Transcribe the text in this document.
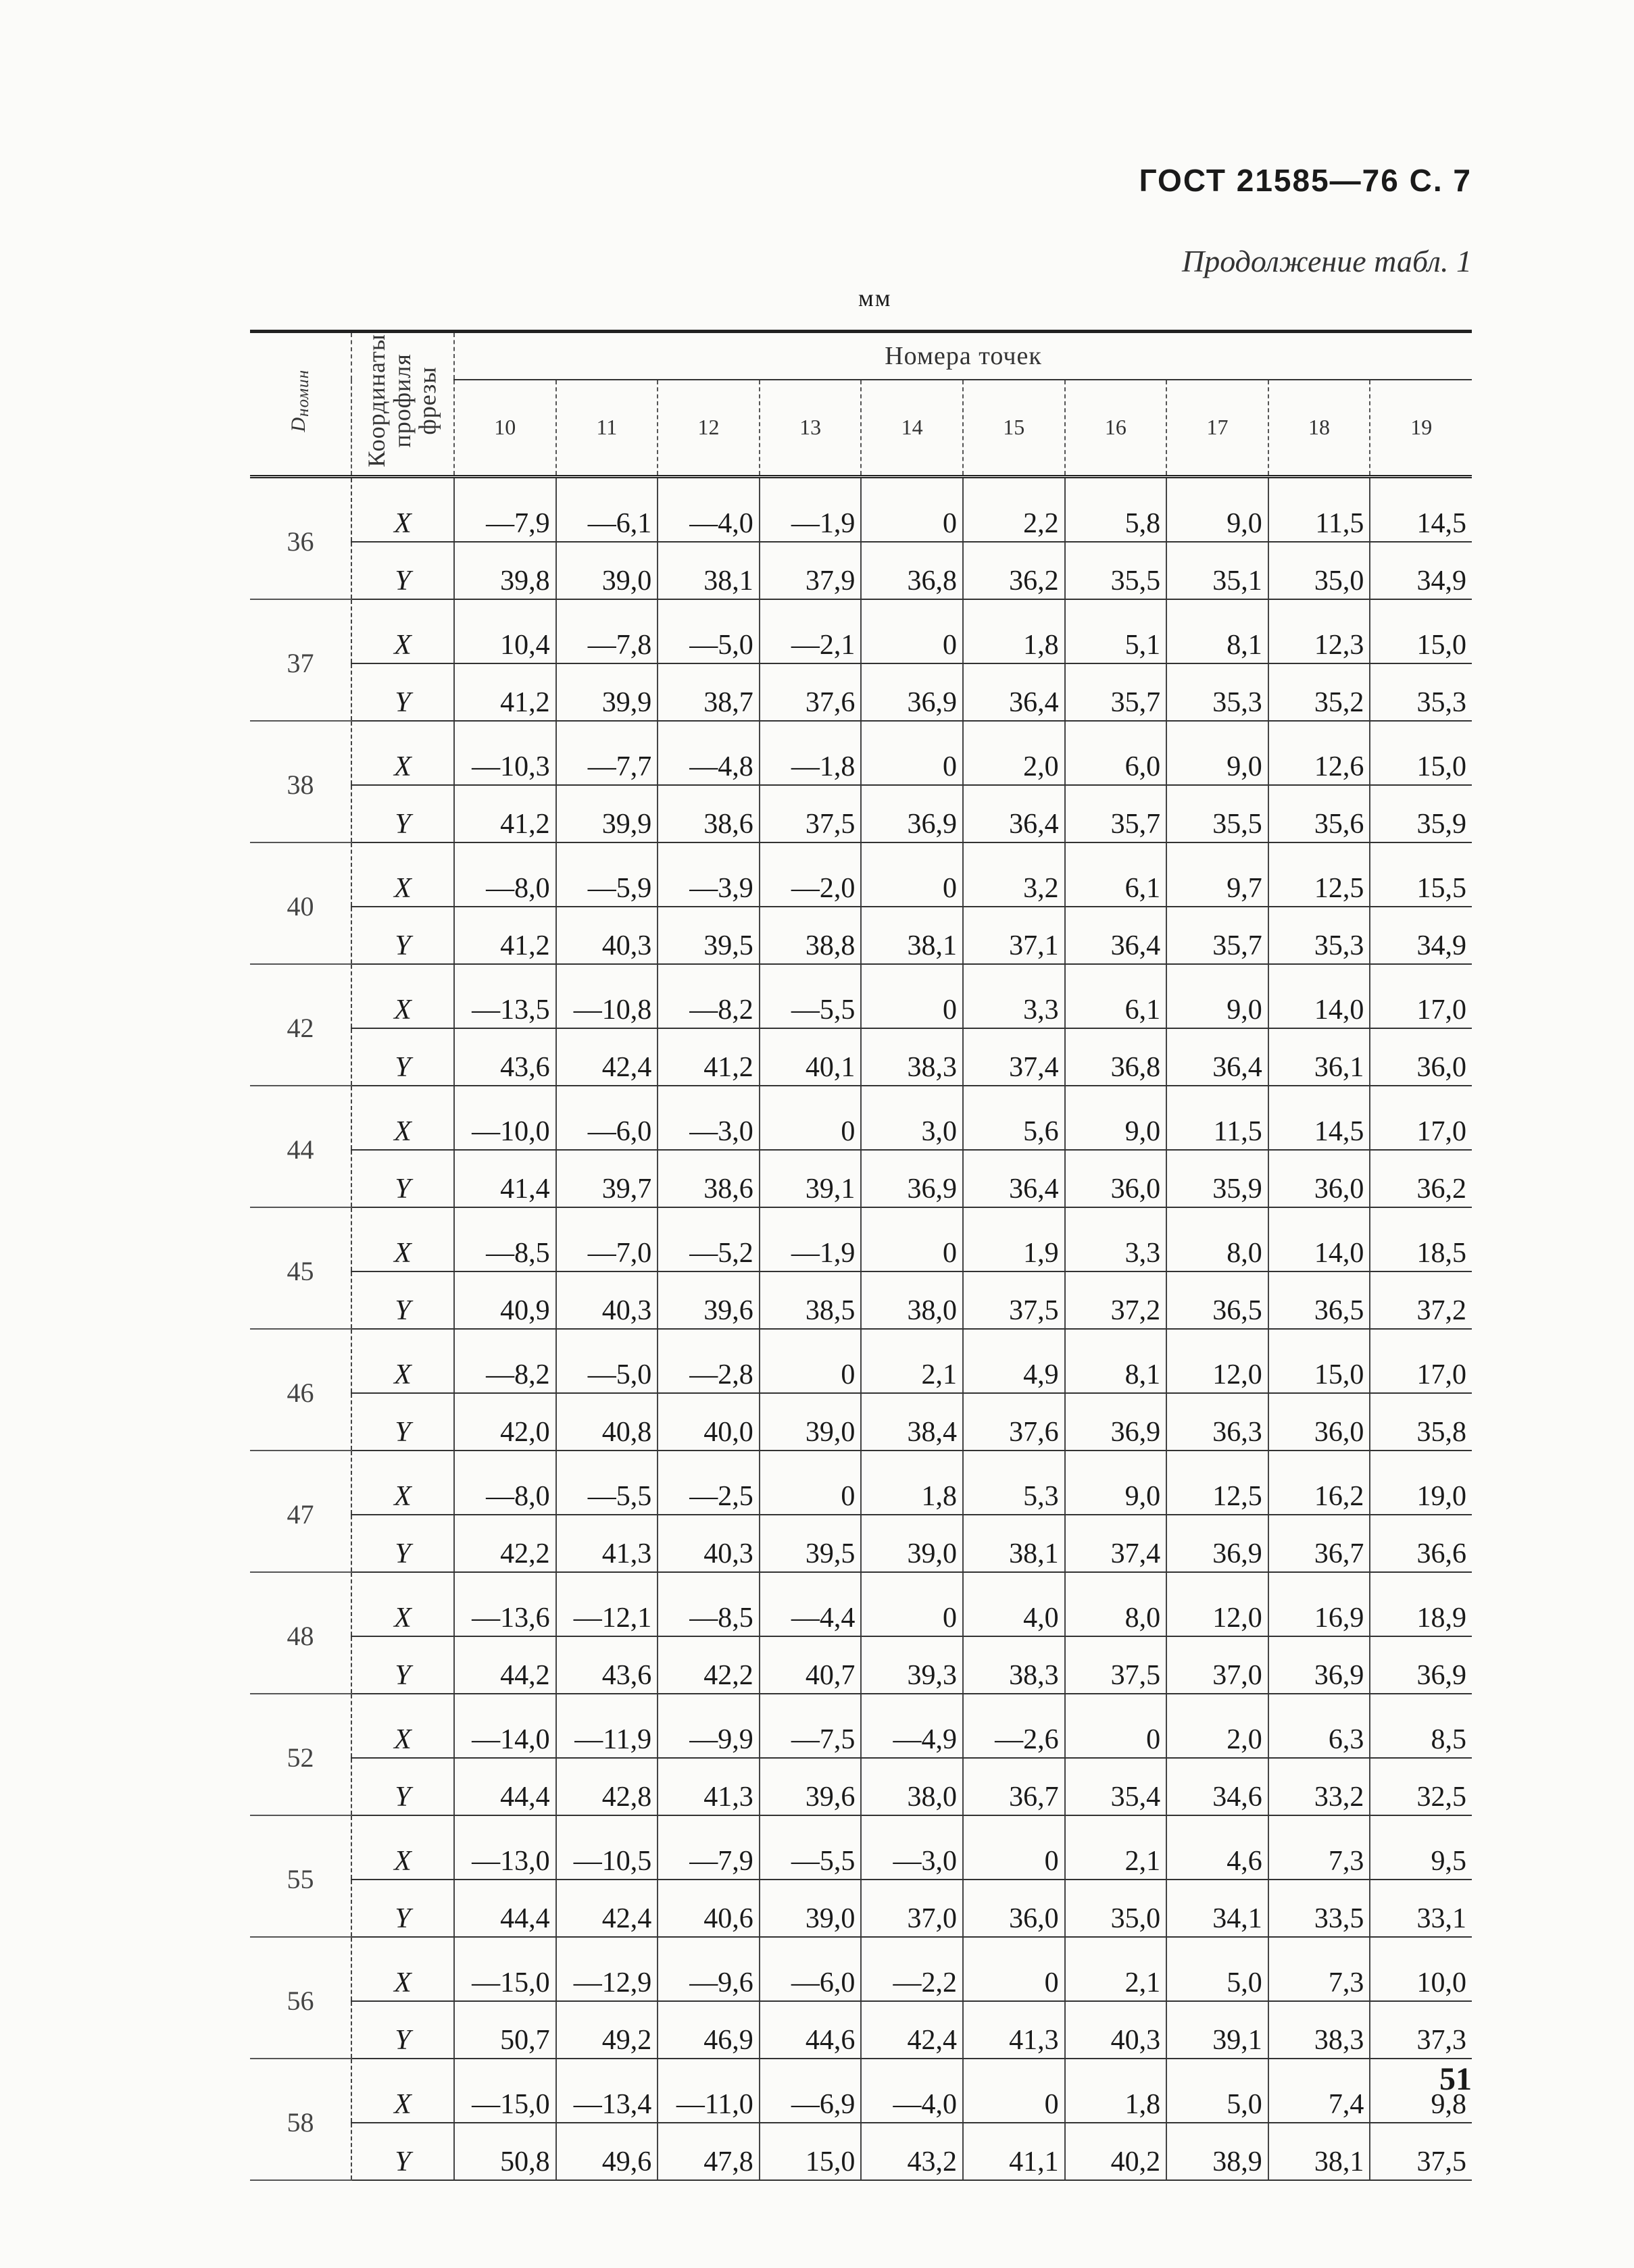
ГОСТ 21585—76 С. 7
Продолжение табл. 1
мм
$D_{номин}$	Координаты профиля фрезы	Номера точек									
		10	11	12	13	14	15	16	17	18	19
36	X	—7,9	—6,1	—4,0	—1,9	0	2,2	5,8	9,0	11,5	14,5
	Y	39,8	39,0	38,1	37,9	36,8	36,2	35,5	35,1	35,0	34,9
37	X	10,4	—7,8	—5,0	—2,1	0	1,8	5,1	8,1	12,3	15,0
	Y	41,2	39,9	38,7	37,6	36,9	36,4	35,7	35,3	35,2	35,3
38	X	—10,3	—7,7	—4,8	—1,8	0	2,0	6,0	9,0	12,6	15,0
	Y	41,2	39,9	38,6	37,5	36,9	36,4	35,7	35,5	35,6	35,9
40	X	—8,0	—5,9	—3,9	—2,0	0	3,2	6,1	9,7	12,5	15,5
	Y	41,2	40,3	39,5	38,8	38,1	37,1	36,4	35,7	35,3	34,9
42	X	—13,5	—10,8	—8,2	—5,5	0	3,3	6,1	9,0	14,0	17,0
	Y	43,6	42,4	41,2	40,1	38,3	37,4	36,8	36,4	36,1	36,0
44	X	—10,0	—6,0	—3,0	0	3,0	5,6	9,0	11,5	14,5	17,0
	Y	41,4	39,7	38,6	39,1	36,9	36,4	36,0	35,9	36,0	36,2
45	X	—8,5	—7,0	—5,2	—1,9	0	1,9	3,3	8,0	14,0	18,5
	Y	40,9	40,3	39,6	38,5	38,0	37,5	37,2	36,5	36,5	37,2
46	X	—8,2	—5,0	—2,8	0	2,1	4,9	8,1	12,0	15,0	17,0
	Y	42,0	40,8	40,0	39,0	38,4	37,6	36,9	36,3	36,0	35,8
47	X	—8,0	—5,5	—2,5	0	1,8	5,3	9,0	12,5	16,2	19,0
	Y	42,2	41,3	40,3	39,5	39,0	38,1	37,4	36,9	36,7	36,6
48	X	—13,6	—12,1	—8,5	—4,4	0	4,0	8,0	12,0	16,9	18,9
	Y	44,2	43,6	42,2	40,7	39,3	38,3	37,5	37,0	36,9	36,9
52	X	—14,0	—11,9	—9,9	—7,5	—4,9	—2,6	0	2,0	6,3	8,5
	Y	44,4	42,8	41,3	39,6	38,0	36,7	35,4	34,6	33,2	32,5
55	X	—13,0	—10,5	—7,9	—5,5	—3,0	0	2,1	4,6	7,3	9,5
	Y	44,4	42,4	40,6	39,0	37,0	36,0	35,0	34,1	33,5	33,1
56	X	—15,0	—12,9	—9,6	—6,0	—2,2	0	2,1	5,0	7,3	10,0
	Y	50,7	49,2	46,9	44,6	42,4	41,3	40,3	39,1	38,3	37,3
58	X	—15,0	—13,4	—11,0	—6,9	—4,0	0	1,8	5,0	7,4	9,8
	Y	50,8	49,6	47,8	15,0	43,2	41,1	40,2	38,9	38,1	37,5
51
